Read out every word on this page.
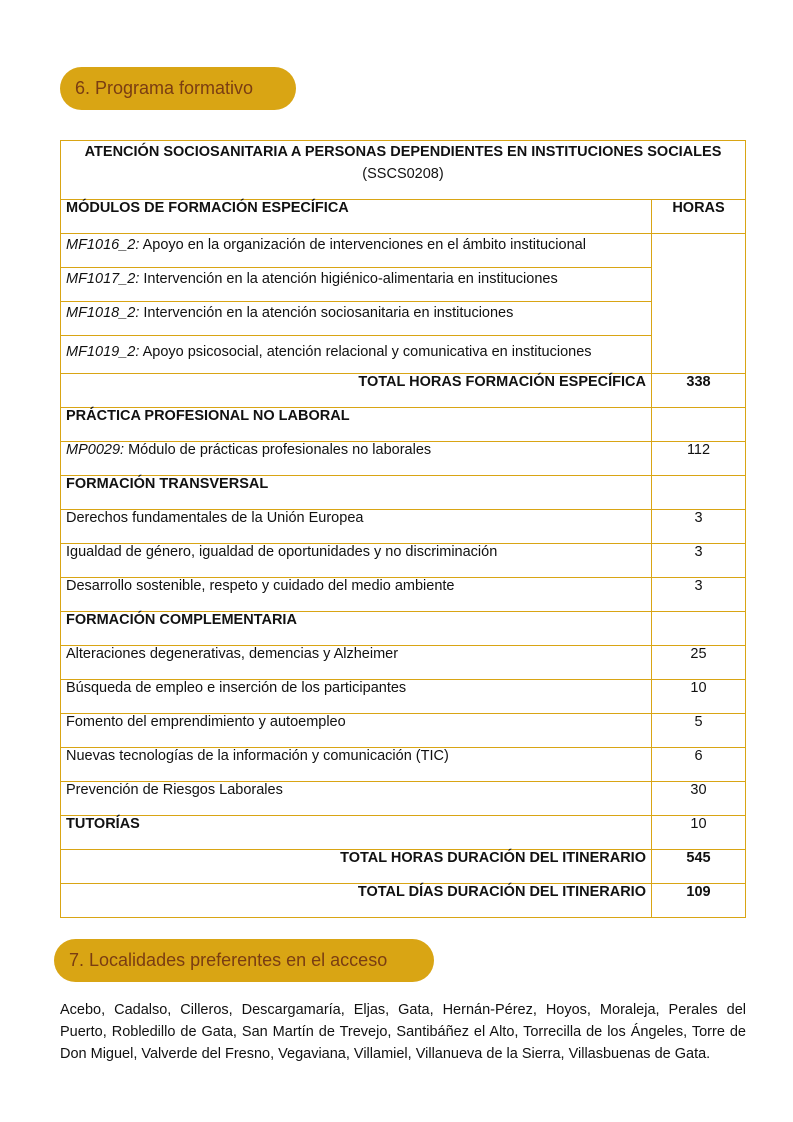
6. Programa formativo
ATENCIÓN SOCIOSANITARIA A PERSONAS DEPENDIENTES EN INSTITUCIONES SOCIALES (SSCS0208)	
MÓDULOS DE FORMACIÓN ESPECÍFICA	HORAS
MF1016_2: Apoyo en la organización de intervenciones en el ámbito institucional	
MF1017_2: Intervención en la atención higiénico-alimentaria en instituciones	
MF1018_2: Intervención en la atención sociosanitaria en instituciones	
MF1019_2: Apoyo psicosocial, atención relacional y comunicativa en instituciones	
TOTAL HORAS FORMACIÓN ESPECÍFICA	338
PRÁCTICA PROFESIONAL NO LABORAL	
MP0029: Módulo de prácticas profesionales no laborales	112
FORMACIÓN TRANSVERSAL	
Derechos fundamentales de la Unión Europea	3
Igualdad de género, igualdad de oportunidades y no discriminación	3
Desarrollo sostenible, respeto y cuidado del medio ambiente	3
FORMACIÓN COMPLEMENTARIA	
Alteraciones degenerativas, demencias y Alzheimer	25
Búsqueda de empleo e inserción de los participantes	10
Fomento del emprendimiento y autoempleo	5
Nuevas tecnologías de la información y comunicación (TIC)	6
Prevención de Riesgos Laborales	30
TUTORÍAS	10
TOTAL HORAS DURACIÓN DEL ITINERARIO	545
TOTAL DÍAS DURACIÓN DEL ITINERARIO	109
7. Localidades preferentes en el acceso

Acebo, Cadalso, Cilleros, Descargamaría, Eljas, Gata, Hernán-Pérez, Hoyos, Moraleja, Perales del Puerto, Robledillo de Gata, San Martín de Trevejo, Santibáñez el Alto, Torrecilla de los Ángeles, Torre de Don Miguel, Valverde del Fresno, Vegaviana, Villamiel, Villanueva de la Sierra, Villasbuenas de Gata.
